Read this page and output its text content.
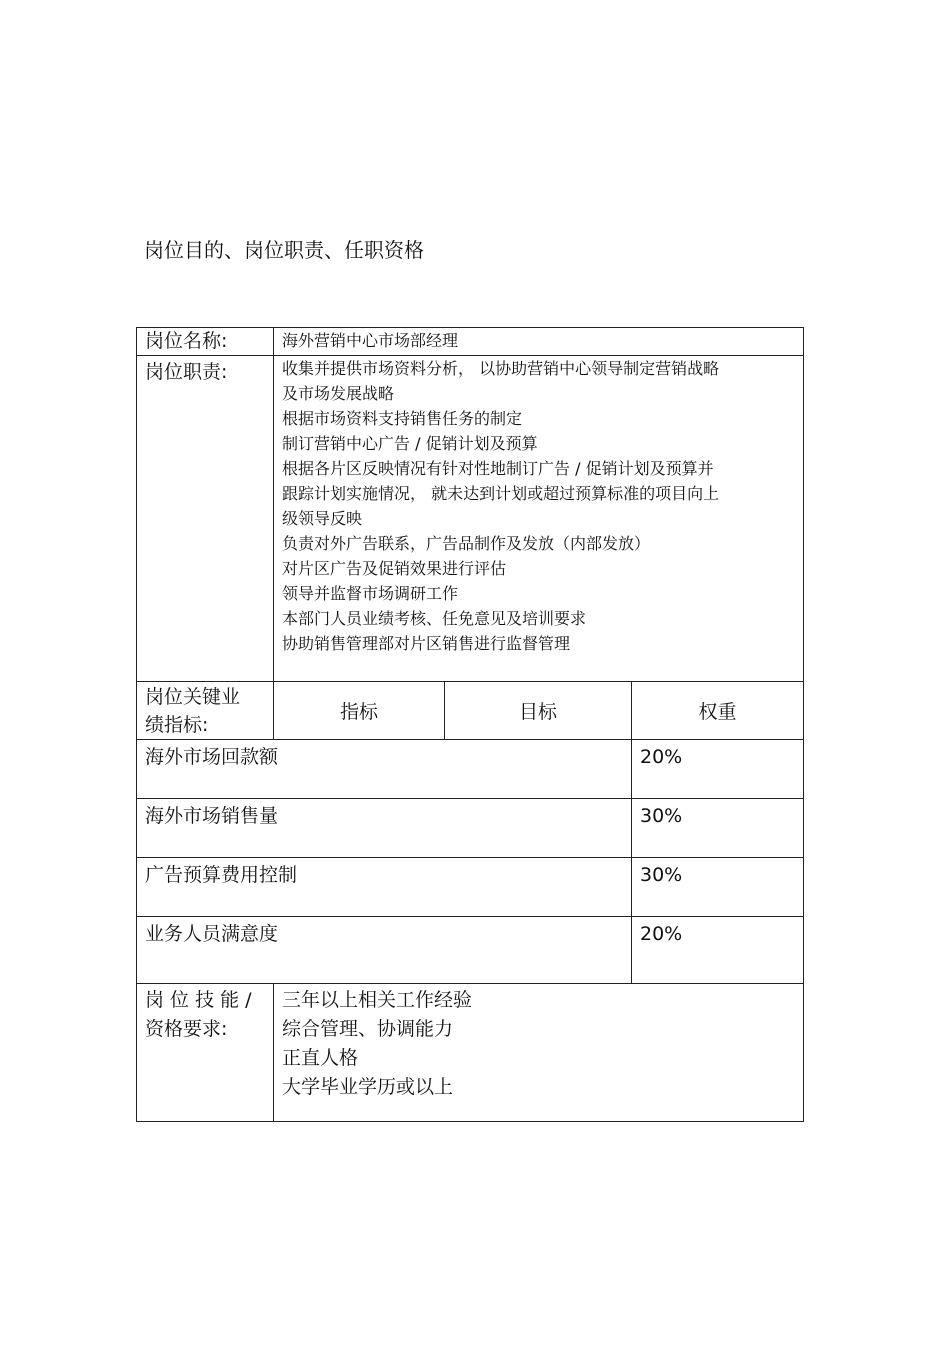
岗位目的、岗位职责、任职资格
岗位名称:	海外营销中心市场部经理
岗位职责:	收集并提供市场资料分析， 以协助营销中心领导制定营销战略
及市场发展战略
根据市场资料支持销售任务的制定
制订营销中心广告 / 促销计划及预算
根据各片区反映情况有针对性地制订广告 / 促销计划及预算并
跟踪计划实施情况， 就未达到计划或超过预算标准的项目向上
级领导反映
负责对外广告联系，广告品制作及发放（内部发放）
对片区广告及促销效果进行评估
领导并监督市场调研工作
本部门人员业绩考核、任免意见及培训要求
协助销售管理部对片区销售进行监督管理
岗位关键业
绩指标:
指标	目标	权重
海外市场回款额	20%
海外市场销售量	30%
广告预算费用控制	30%
业务人员满意度	20%
岗 位 技 能 /
资格要求:
三年以上相关工作经验
综合管理、协调能力
正直人格
大学毕业学历或以上
